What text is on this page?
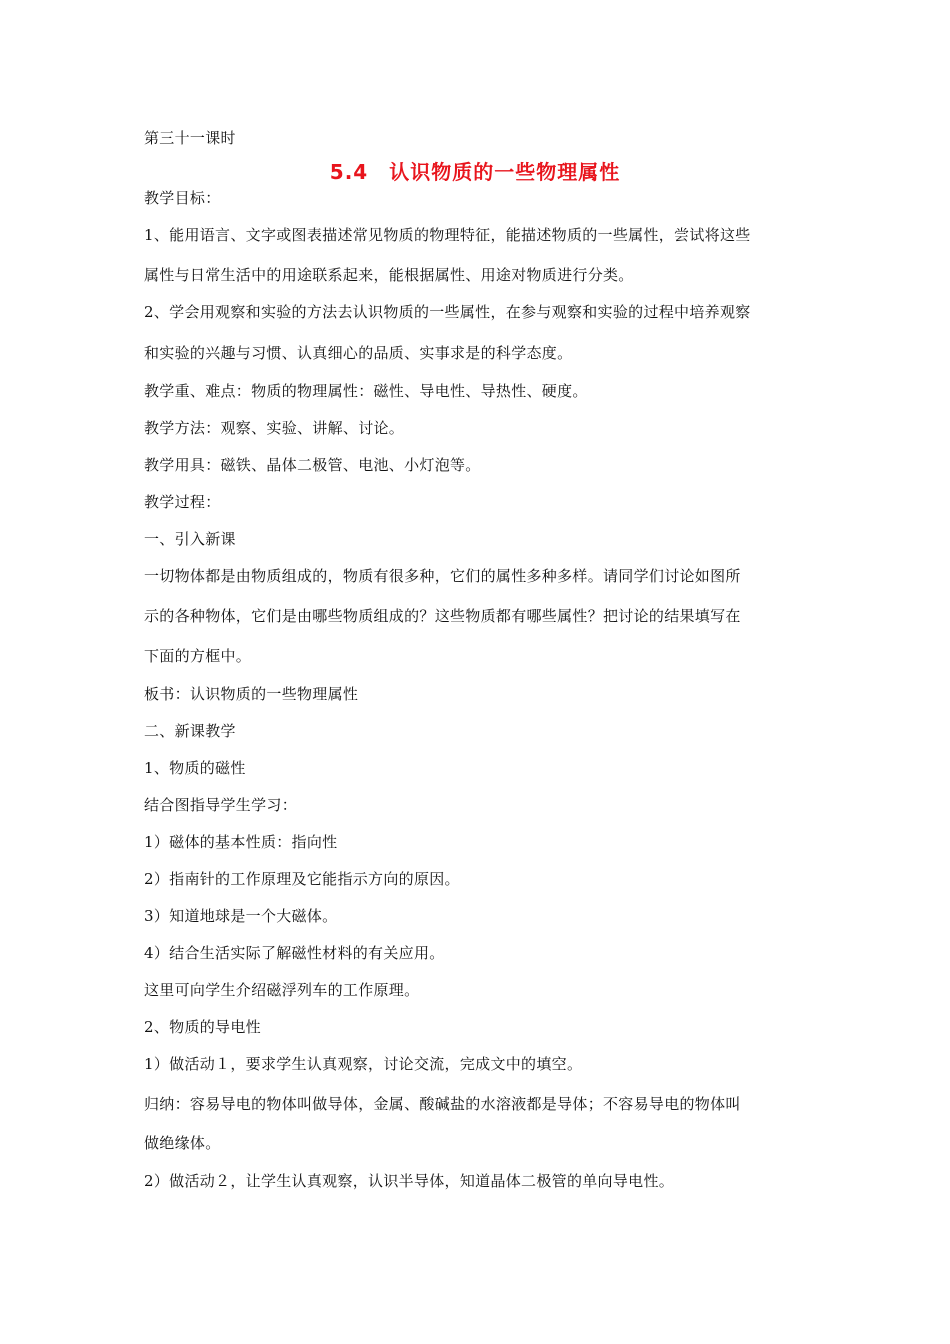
第三十一课时
5.4　认识物质的一些物理属性
教学目标：
1、能用语言、文字或图表描述常见物质的物理特征，能描述物质的一些属性，尝试将这些
属性与日常生活中的用途联系起来，能根据属性、用途对物质进行分类。
2、学会用观察和实验的方法去认识物质的一些属性，在参与观察和实验的过程中培养观察
和实验的兴趣与习惯、认真细心的品质、实事求是的科学态度。
教学重、难点：物质的物理属性：磁性、导电性、导热性、硬度。
教学方法：观察、实验、讲解、讨论。
教学用具：磁铁、晶体二极管、电池、小灯泡等。
教学过程：
一、引入新课
一切物体都是由物质组成的，物质有很多种，它们的属性多种多样。请同学们讨论如图所
示的各种物体，它们是由哪些物质组成的？这些物质都有哪些属性？把讨论的结果填写在
下面的方框中。
板书：认识物质的一些物理属性
二、新课教学
1、物质的磁性
结合图指导学生学习：
1）磁体的基本性质：指向性
2）指南针的工作原理及它能指示方向的原因。
3）知道地球是一个大磁体。
4）结合生活实际了解磁性材料的有关应用。
这里可向学生介绍磁浮列车的工作原理。
2、物质的导电性
1）做活动１，要求学生认真观察，讨论交流，完成文中的填空。
归纳：容易导电的物体叫做导体，金属、酸碱盐的水溶液都是导体；不容易导电的物体叫
做绝缘体。
2）做活动２，让学生认真观察，认识半导体，知道晶体二极管的单向导电性。
